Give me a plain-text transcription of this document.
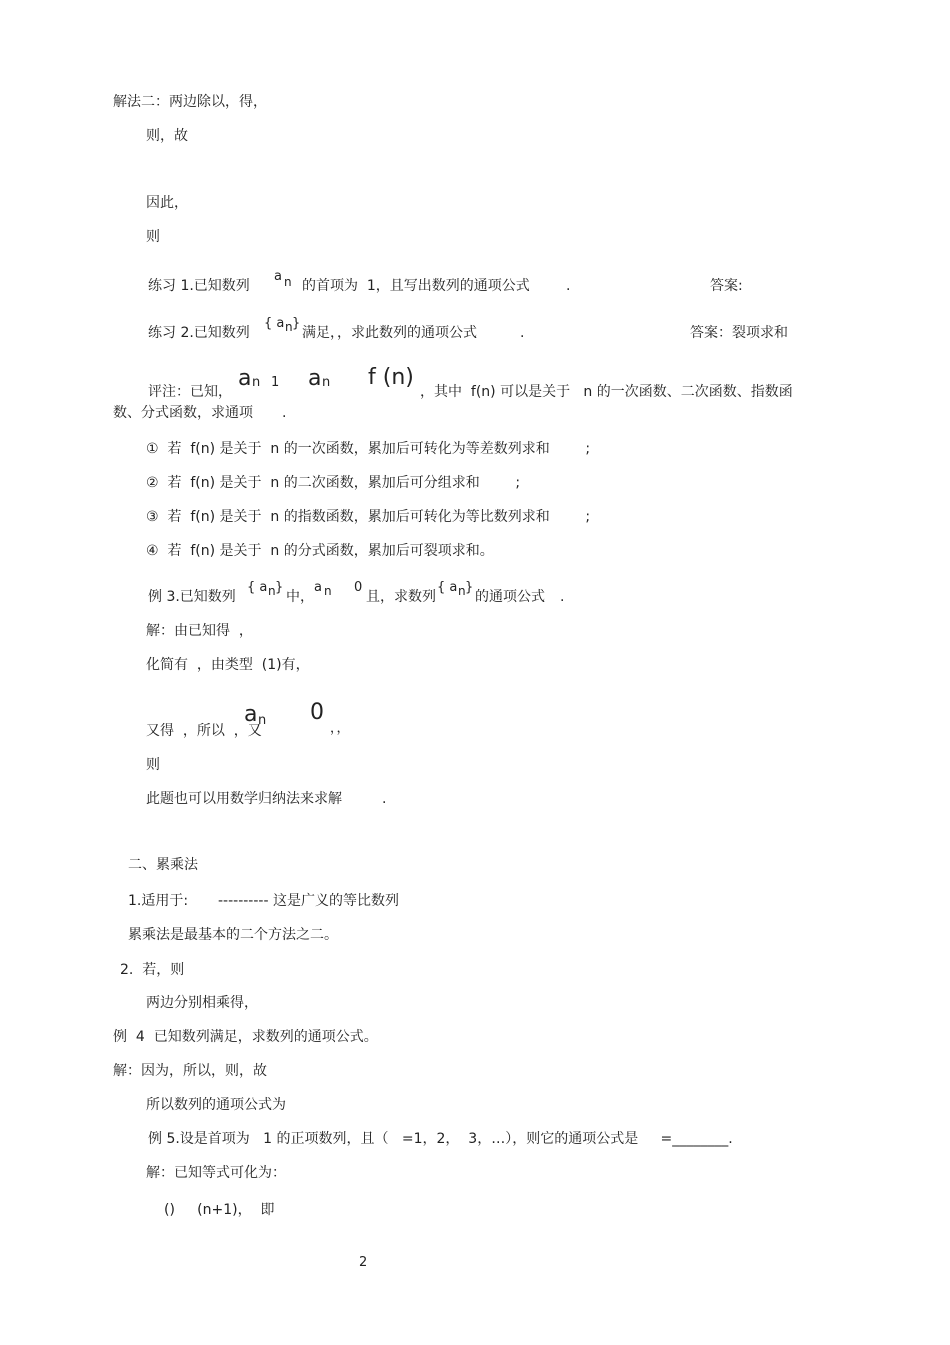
解法二：两边除以，得，
则，故
因此，
则
练习 1.已知数列
a n 的首项为  1，且写出数列的通项公式	.	答案:
练习 2.已知数列
{ a n }
满足，，求此数列的通项公式	.	答案：裂项求和
评注：已知，
a n 1 a n f (n)
，其中  f(n) 可以是关于   n 的一次函数、二次函数、指数函
数、分式函数，求通项 .
①  若  f(n) 是关于  n 的一次函数，累加后可转化为等差数列求和        ;
②  若  f(n) 是关于  n 的二次函数，累加后可分组求和        ;
③  若  f(n) 是关于  n 的指数函数，累加后可转化为等比数列求和        ;
④  若  f(n) 是关于  n 的分式函数，累加后可裂项求和。
例 3.已知数列
{ a n }
中，
a n 0
且，求数列
{ a n }
的通项公式 .
解：由已知得  ，
化简有  ，由类型  (1)有，
又得  ，所以  ，又
a n 0
，，
则
此题也可以用数学归纳法来求解	.
二、累乘法
1.适用于: ---------- 这是广义的等比数列
累乘法是最基本的二个方法之二。
2.  若，则
两边分别相乘得，
例  4  已知数列满足，求数列的通项公式。
解：因为，所以，则，故
所以数列的通项公式为
例 5.设是首项为   1 的正项数列，且（   =1，2，  3，…），则它的通项公式是     =________.
解：已知等式可化为：
()     (n+1)，  即
2
